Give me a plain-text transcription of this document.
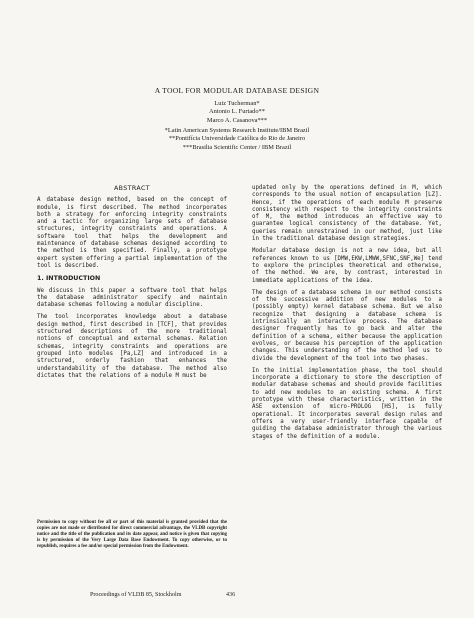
A TOOL FOR MODULAR DATABASE DESIGN
Luiz Tucherman*
Antonio L. Furtado**
Marco A. Casanova***
*Latin American Systems Research Institute/IBM Brazil
**Pontifícia Universidade Católica do Rio de Janeiro
***Brasilia Scientific Center / IBM Brazil
ABSTRACT

A database design method, based on the concept of module, is first described. The method incorporates both a strategy for enforcing integrity constraints and a tactic for organizing large sets of database structures, integrity constraints and operations. A software tool that helps the development and maintenance of database schemas designed according to the method is then specified. Finally, a prototype expert system offering a partial implementation of the tool is described.

1. INTRODUCTION

We discuss in this paper a software tool that helps the database administrator specify and maintain database schemas following a modular discipline.

The tool incorporates knowledge about a database design method, first described in [TCF], that provides structured descriptions of the more traditional notions of conceptual and external schemas. Relation schemas, integrity constraints and operations are grouped into modules [Pa,LZ] and introduced in a structured, orderly fashion that enhances the understandability of the database. The method also dictates that the relations of a module M must be

updated only by the operations defined in M, which corresponds to the usual notion of encapsulation [LZ]. Hence, if the operations of each module M preserve consistency with respect to the integrity constraints of M, the method introduces an effective way to guarantee logical consistency of the database. Yet, queries remain unrestrained in our method, just like in the traditional database design strategies.

Modular database design is not a new idea, but all references known to us [DMW,EKW,LMWW,SFNC,SNF,We] tend to explore the principles theoretical and otherwise, of the method. We are, by contrast, interested in immediate applications of the idea.

The design of a database schema in our method consists of the successive addition of new modules to a (possibly empty) kernel database schema. But we also recognize that designing a database schema is intrinsically an interactive process. The database designer frequently has to go back and alter the definition of a schema, either because the application evolves, or because his perception of the application changes. This understanding of the method led us to divide the development of the tool into two phases.

In the initial implementation phase, the tool should incorporate a dictionary to store the description of modular database schemas and should provide facilities to add new modules to an existing schema. A first prototype with these characteristics, written in the ASE extension of micro-PROLOG [HS], is fully operational. It incorporates several design rules and offers a very user-friendly interface capable of guiding the database administrator through the various stages of the definition of a module.

Permission to copy without fee all or part of this material is granted provided that the copies are not made or distributed for direct commercial advantage, the VLDB copyright notice and the title of the publication and its date appear, and notice is given that copying is by permission of the Very Large Data Base Endowment. To copy otherwise, or to republish, requires a fee and/or special permission from the Endowment.
Proceedings of VLDB 85, Stockholm	436
